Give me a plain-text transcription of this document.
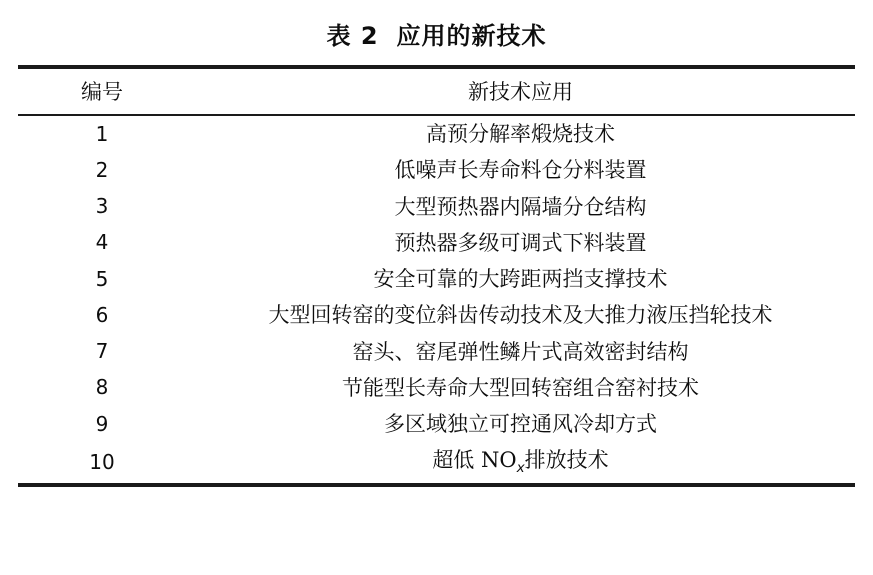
表 2 应用的新技术
编号	新技术应用
1	高预分解率煅烧技术
2	低噪声长寿命料仓分料装置
3	大型预热器内隔墙分仓结构
4	预热器多级可调式下料装置
5	安全可靠的大跨距两挡支撑技术
6	大型回转窑的变位斜齿传动技术及大推力液压挡轮技术
7	窑头、窑尾弹性鳞片式高效密封结构
8	节能型长寿命大型回转窑组合窑衬技术
9	多区域独立可控通风冷却方式
10	超低 $NO_x$排放技术
